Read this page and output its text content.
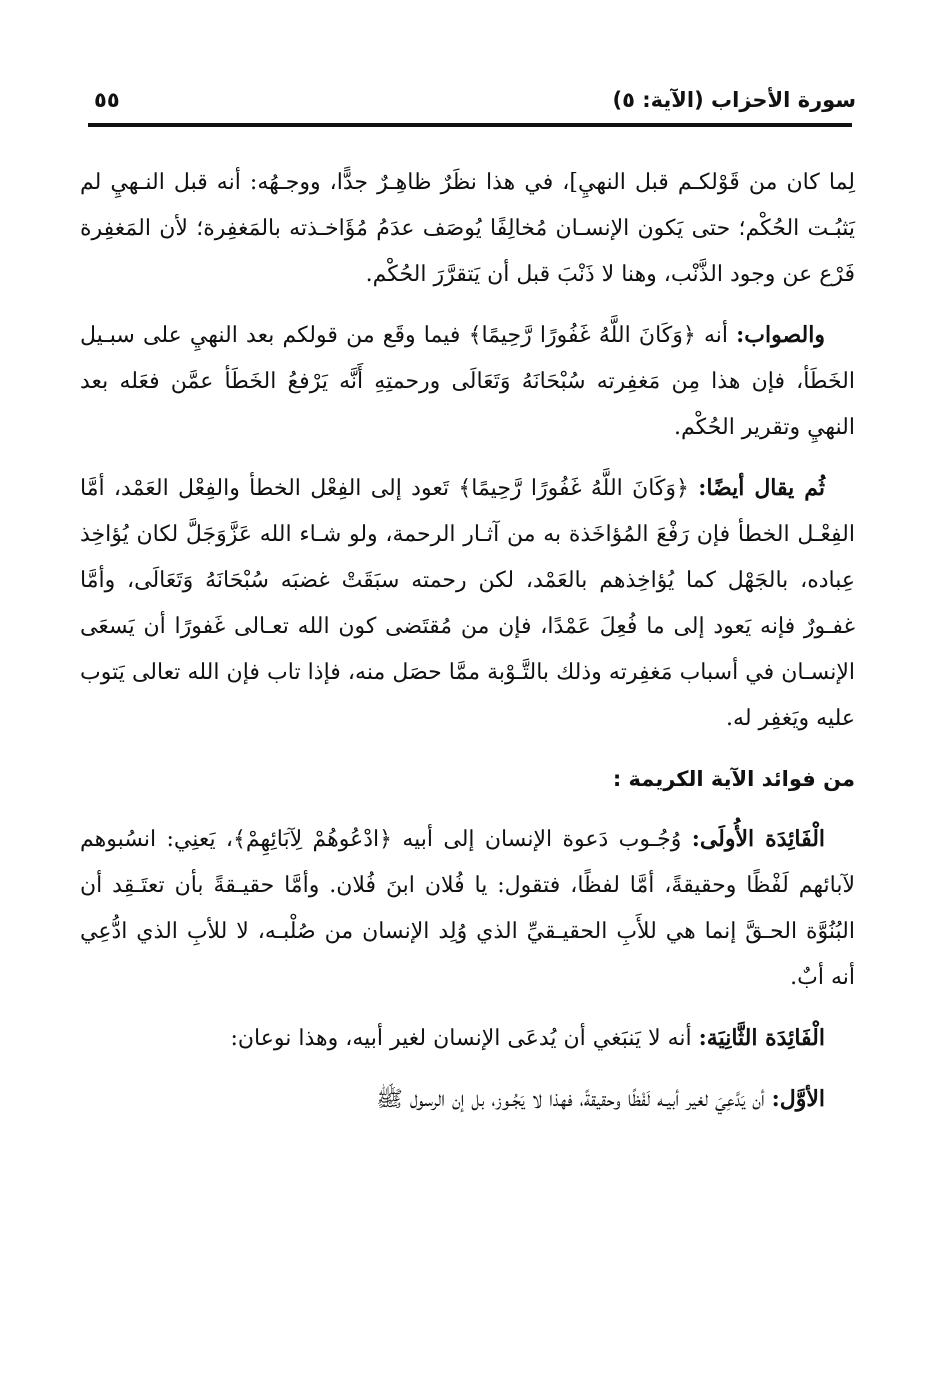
سورة الأحزاب (الآية: ٥)
٥٥

لِما كان من قَوْلكـم قبل النهيِ]، في هذا نظَرٌ ظاهِـرٌ جدًّا، ووجـهُه: أنه قبل النـهيِ لم يَثبُـت الحُكْم؛ حتى يَكون الإنسـان مُخالِفًا يُوصَف عدَمُ مُؤَاخـذته بالمَغفِرة؛ لأن المَغفِرة فَرْع عن وجود الذَّنْب، وهنا لا ذَنْبَ قبل أن يَتقرَّرَ الحُكْم.

والصواب: أنه ﴿وَكَانَ اللَّهُ غَفُورًا رَّحِيمًا﴾ فيما وقَع من قولكم بعد النهيِ على سبـيل الخَطَأ، فإن هذا مِن مَغفِرته سُبْحَانَهُ وَتَعَالَى ورحمتِهِ أَنَّه يَرْفعُ الخَطَأ عمَّن فعَله بعد النهيِ وتقرير الحُكْم.

ثُم يقال أيضًا: ﴿وَكَانَ اللَّهُ غَفُورًا رَّحِيمًا﴾ تَعود إلى الفِعْل الخطأ والفِعْل العَمْد، أمَّا الفِعْـل الخطأ فإن رَفْعَ المُؤاخَذة به من آثـار الرحمة، ولو شـاء الله عَزَّوَجَلَّ لكان يُؤاخِذ عِباده، بالجَهْل كما يُؤاخِذهم بالعَمْد، لكن رحمته سبَقَتْ غضبَه سُبْحَانَهُ وَتَعَالَى، وأمَّا غفـورٌ فإنه يَعود إلى ما فُعِلَ عَمْدًا، فإن من مُقتَضى كون الله تعـالى غَفورًا أن يَسعَى الإنسـان في أسباب مَغفِرته وذلك بالتَّـوْبة ممَّا حصَل منه، فإذا تاب فإن الله تعالى يَتوب عليه ويَغفِر له.

من فوائد الآية الكريمة :

الْفَائِدَة الأُولَى: وُجُـوب دَعوة الإنسان إلى أبيه ﴿ادْعُوهُمْ لِآبَائِهِمْ﴾، يَعنِي: انسُبوهم لآبائهم لَفْظًا وحقيقةً، أمَّا لفظًا، فتقول: يا فُلان ابنَ فُلان. وأمَّا حقيـقةً بأن تعتَـقِد أن البُنُوَّة الحـقَّ إنما هي للأَبِ الحقيـقيِّ الذي وُلِد الإنسان من صُلْبـه، لا للأبِ الذي ادُّعِي أنه أبٌ.

الْفَائِدَة الثَّانِيَة: أنه لا يَنبَغي أن يُدعَى الإنسان لغير أبيه، وهذا نوعان:

الأوَّل: أن يَدَّعِيَ لغير أبيـه لَفْظًا وحقيقةً، فهذا لا يَجُـوز، بل إن الرسول ﷺ
